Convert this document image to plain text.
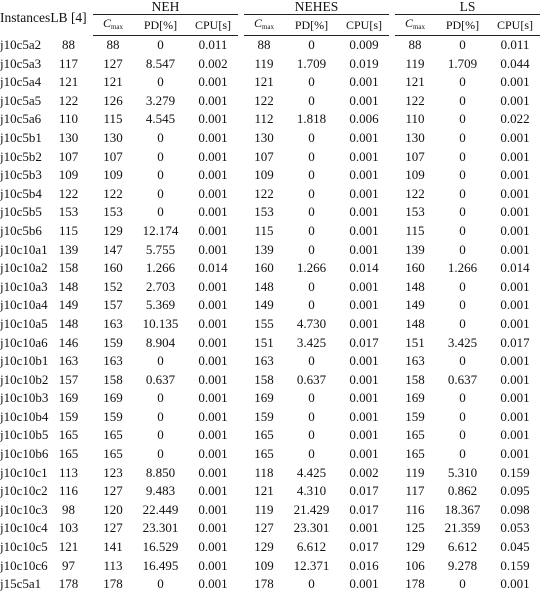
Instances	LB [4]	NEH				NEHES				LS		
		$C_{max}$	PD[%]	CPU[s]		$C_{max}$	PD[%]	CPU[s]		$C_{max}$	PD[%]	CPU[s]
j10c5a2	88	88	0	0.011		88	0	0.009		88	0	0.011
j10c5a3	117	127	8.547	0.002		119	1.709	0.019		119	1.709	0.044
j10c5a4	121	121	0	0.001		121	0	0.001		121	0	0.001
j10c5a5	122	126	3.279	0.001		122	0	0.001		122	0	0.001
j10c5a6	110	115	4.545	0.001		112	1.818	0.006		110	0	0.022
j10c5b1	130	130	0	0.001		130	0	0.001		130	0	0.001
j10c5b2	107	107	0	0.001		107	0	0.001		107	0	0.001
j10c5b3	109	109	0	0.001		109	0	0.001		109	0	0.001
j10c5b4	122	122	0	0.001		122	0	0.001		122	0	0.001
j10c5b5	153	153	0	0.001		153	0	0.001		153	0	0.001
j10c5b6	115	129	12.174	0.001		115	0	0.001		115	0	0.001
j10c10a1	139	147	5.755	0.001		139	0	0.001		139	0	0.001
j10c10a2	158	160	1.266	0.014		160	1.266	0.014		160	1.266	0.014
j10c10a3	148	152	2.703	0.001		148	0	0.001		148	0	0.001
j10c10a4	149	157	5.369	0.001		149	0	0.001		149	0	0.001
j10c10a5	148	163	10.135	0.001		155	4.730	0.001		148	0	0.001
j10c10a6	146	159	8.904	0.001		151	3.425	0.017		151	3.425	0.017
j10c10b1	163	163	0	0.001		163	0	0.001		163	0	0.001
j10c10b2	157	158	0.637	0.001		158	0.637	0.001		158	0.637	0.001
j10c10b3	169	169	0	0.001		169	0	0.001		169	0	0.001
j10c10b4	159	159	0	0.001		159	0	0.001		159	0	0.001
j10c10b5	165	165	0	0.001		165	0	0.001		165	0	0.001
j10c10b6	165	165	0	0.001		165	0	0.001		165	0	0.001
j10c10c1	113	123	8.850	0.001		118	4.425	0.002		119	5.310	0.159
j10c10c2	116	127	9.483	0.001		121	4.310	0.017		117	0.862	0.095
j10c10c3	98	120	22.449	0.001		119	21.429	0.017		116	18.367	0.098
j10c10c4	103	127	23.301	0.001		127	23.301	0.001		125	21.359	0.053
j10c10c5	121	141	16.529	0.001		129	6.612	0.017		129	6.612	0.045
j10c10c6	97	113	16.495	0.001		109	12.371	0.016		106	9.278	0.159
j15c5a1	178	178	0	0.001		178	0	0.001		178	0	0.001
